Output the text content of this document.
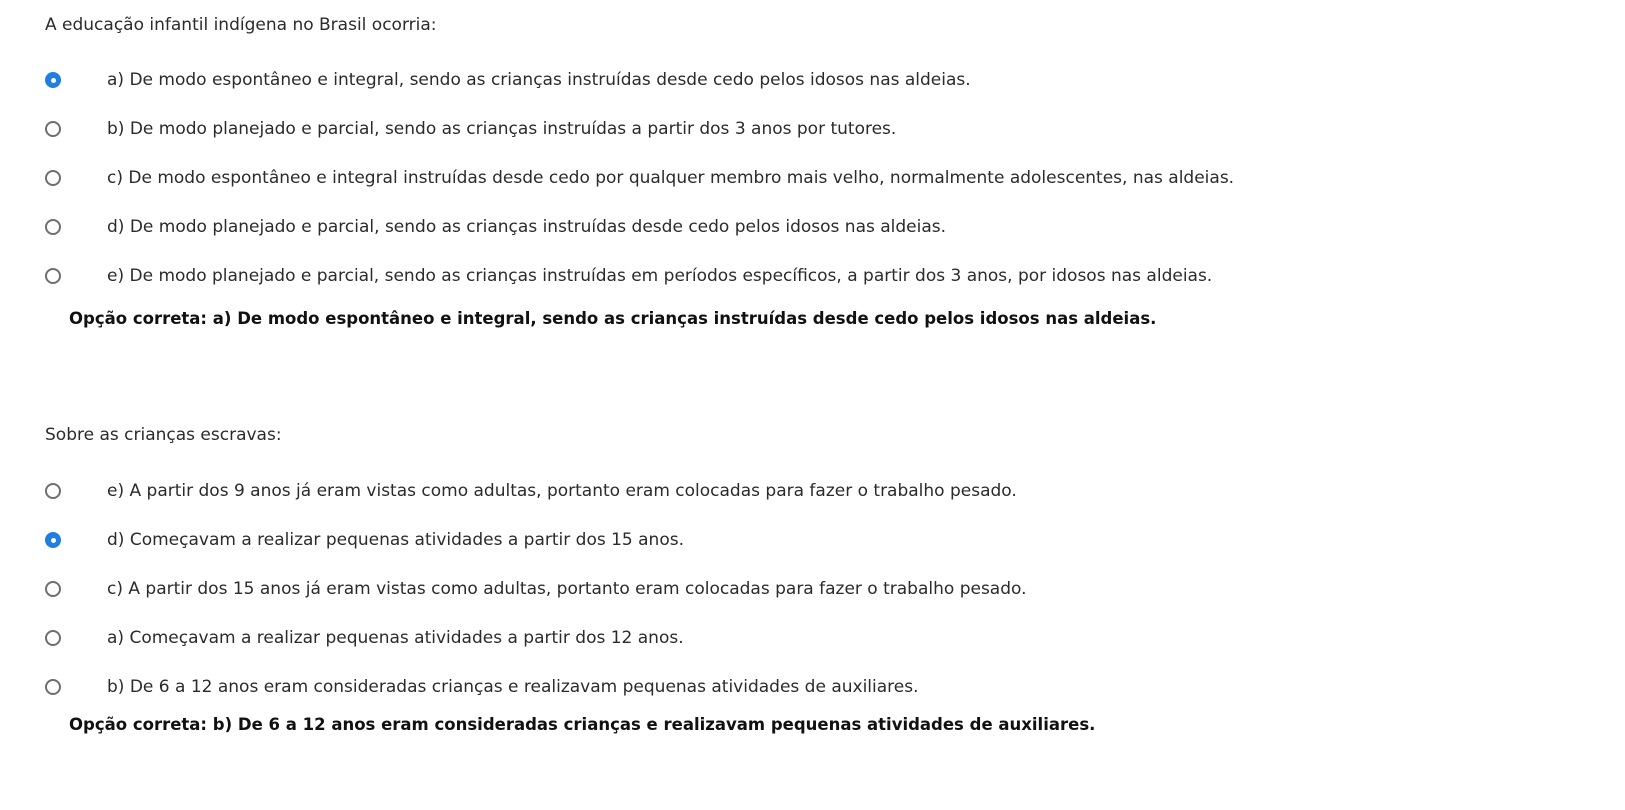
A educação infantil indígena no Brasil ocorria:
a) De modo espontâneo e integral, sendo as crianças instruídas desde cedo pelos idosos nas aldeias.
b) De modo planejado e parcial, sendo as crianças instruídas a partir dos 3 anos por tutores.
c) De modo espontâneo e integral instruídas desde cedo por qualquer membro mais velho, normalmente adolescentes, nas aldeias.
d) De modo planejado e parcial, sendo as crianças instruídas desde cedo pelos idosos nas aldeias.
e) De modo planejado e parcial, sendo as crianças instruídas em períodos específicos, a partir dos 3 anos, por idosos nas aldeias.
Opção correta: a) De modo espontâneo e integral, sendo as crianças instruídas desde cedo pelos idosos nas aldeias.
Sobre as crianças escravas:
e) A partir dos 9 anos já eram vistas como adultas, portanto eram colocadas para fazer o trabalho pesado.
d) Começavam a realizar pequenas atividades a partir dos 15 anos.
c) A partir dos 15 anos já eram vistas como adultas, portanto eram colocadas para fazer o trabalho pesado.
a) Começavam a realizar pequenas atividades a partir dos 12 anos.
b) De 6 a 12 anos eram consideradas crianças e realizavam pequenas atividades de auxiliares.
Opção correta: b) De 6 a 12 anos eram consideradas crianças e realizavam pequenas atividades de auxiliares.
